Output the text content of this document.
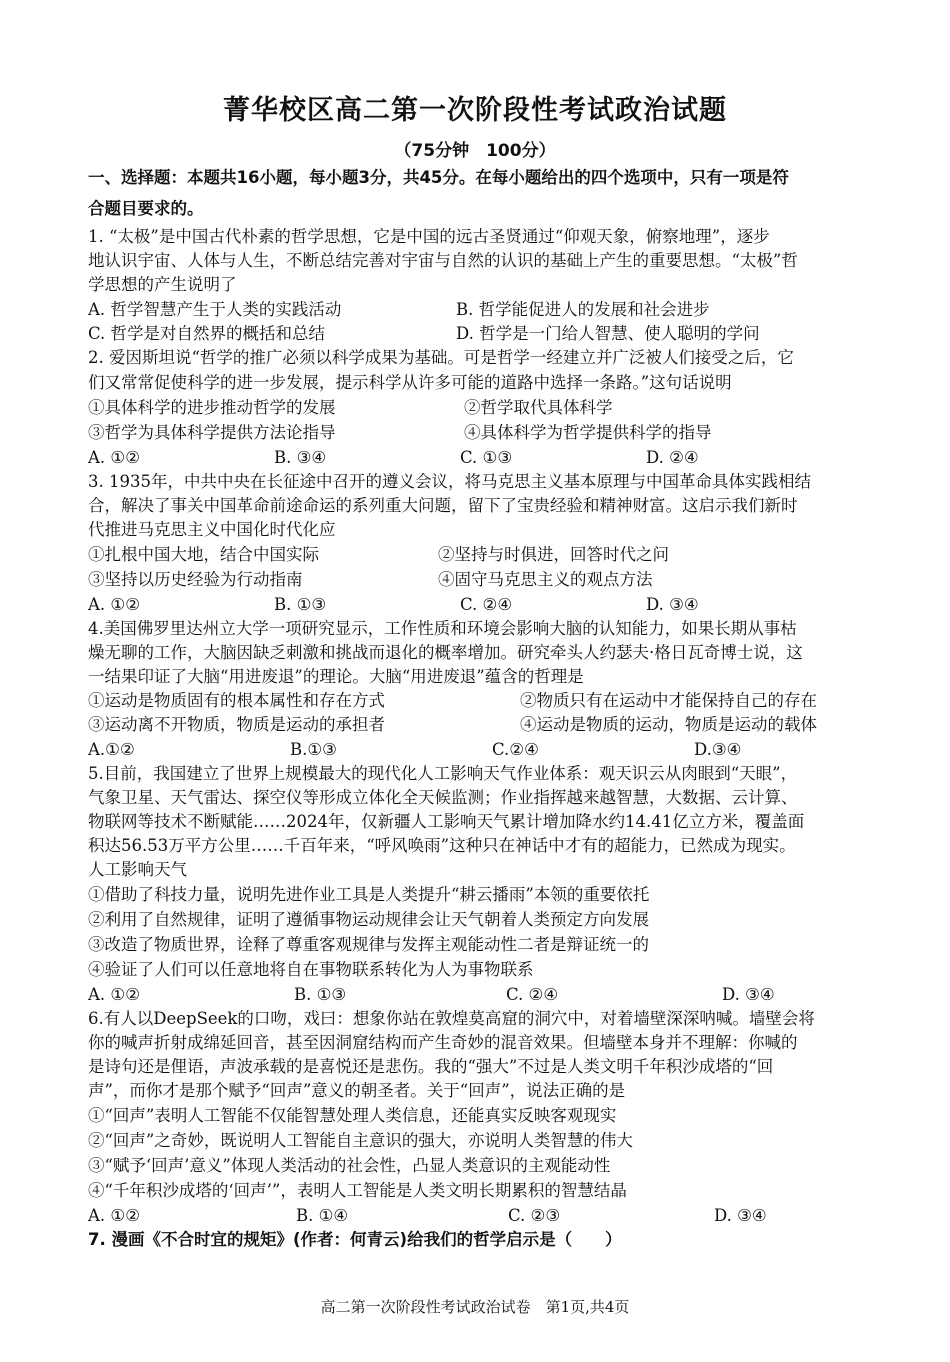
菁华校区高二第一次阶段性考试政治试题
（75分钟　100分）
一、选择题：本题共16小题，每小题3分，共45分。在每小题给出的四个选项中，只有一项是符
合题目要求的。
1. “太极”是中国古代朴素的哲学思想，它是中国的远古圣贤通过“仰观天象，俯察地理”，逐步
地认识宇宙、人体与人生，不断总结完善对宇宙与自然的认识的基础上产生的重要思想。“太极”哲
学思想的产生说明了
A. 哲学智慧产生于人类的实践活动	B. 哲学能促进人的发展和社会进步
C. 哲学是对自然界的概括和总结	D. 哲学是一门给人智慧、使人聪明的学问
2. 爱因斯坦说“哲学的推广必须以科学成果为基础。可是哲学一经建立并广泛被人们接受之后，它
们又常常促使科学的进一步发展，提示科学从许多可能的道路中选择一条路。”这句话说明
①具体科学的进步推动哲学的发展	②哲学取代具体科学
③哲学为具体科学提供方法论指导	④具体科学为哲学提供科学的指导
A. ①②	B. ③④	C. ①③	D. ②④
3. 1935年，中共中央在长征途中召开的遵义会议，将马克思主义基本原理与中国革命具体实践相结
合，解决了事关中国革命前途命运的系列重大问题，留下了宝贵经验和精神财富。这启示我们新时
代推进马克思主义中国化时代化应
①扎根中国大地，结合中国实际	②坚持与时俱进，回答时代之问
③坚持以历史经验为行动指南	④固守马克思主义的观点方法
A. ①②	B. ①③	C. ②④	D. ③④
4.美国佛罗里达州立大学一项研究显示，工作性质和环境会影响大脑的认知能力，如果长期从事枯
燥无聊的工作，大脑因缺乏刺激和挑战而退化的概率增加。研究牵头人约瑟夫·格日瓦奇博士说，这
一结果印证了大脑“用进废退”的理论。大脑“用进废退”蕴含的哲理是
①运动是物质固有的根本属性和存在方式	②物质只有在运动中才能保持自己的存在
③运动离不开物质，物质是运动的承担者	④运动是物质的运动，物质是运动的载体
A.①②	B.①③	C.②④	D.③④
5.目前，我国建立了世界上规模最大的现代化人工影响天气作业体系：观天识云从肉眼到“天眼”，
气象卫星、天气雷达、探空仪等形成立体化全天候监测；作业指挥越来越智慧，大数据、云计算、
物联网等技术不断赋能……2024年，仅新疆人工影响天气累计增加降水约14.41亿立方米，覆盖面
积达56.53万平方公里……千百年来，“呼风唤雨”这种只在神话中才有的超能力，已然成为现实。
人工影响天气
①借助了科技力量，说明先进作业工具是人类提升“耕云播雨”本领的重要依托
②利用了自然规律，证明了遵循事物运动规律会让天气朝着人类预定方向发展
③改造了物质世界，诠释了尊重客观规律与发挥主观能动性二者是辩证统一的
④验证了人们可以任意地将自在事物联系转化为人为事物联系
A. ①②	B. ①③	C. ②④	D. ③④
6.有人以DeepSeek的口吻，戏曰：想象你站在敦煌莫高窟的洞穴中，对着墙壁深深呐喊。墙壁会将
你的喊声折射成绵延回音，甚至因洞窟结构而产生奇妙的混音效果。但墙壁本身并不理解：你喊的
是诗句还是俚语，声波承载的是喜悦还是悲伤。我的“强大”不过是人类文明千年积沙成塔的“回
声”，而你才是那个赋予“回声”意义的朝圣者。关于“回声”，说法正确的是
①“回声”表明人工智能不仅能智慧处理人类信息，还能真实反映客观现实
②“回声”之奇妙，既说明人工智能自主意识的强大，亦说明人类智慧的伟大
③“赋予‘回声’意义”体现人类活动的社会性，凸显人类意识的主观能动性
④“千年积沙成塔的‘回声’”，表明人工智能是人类文明长期累积的智慧结晶
A. ①②	B. ①④	C. ②③	D. ③④
7. 漫画《不合时宜的规矩》(作者：何青云)给我们的哲学启示是（　　）
高二第一次阶段性考试政治试卷　第1页,共4页
